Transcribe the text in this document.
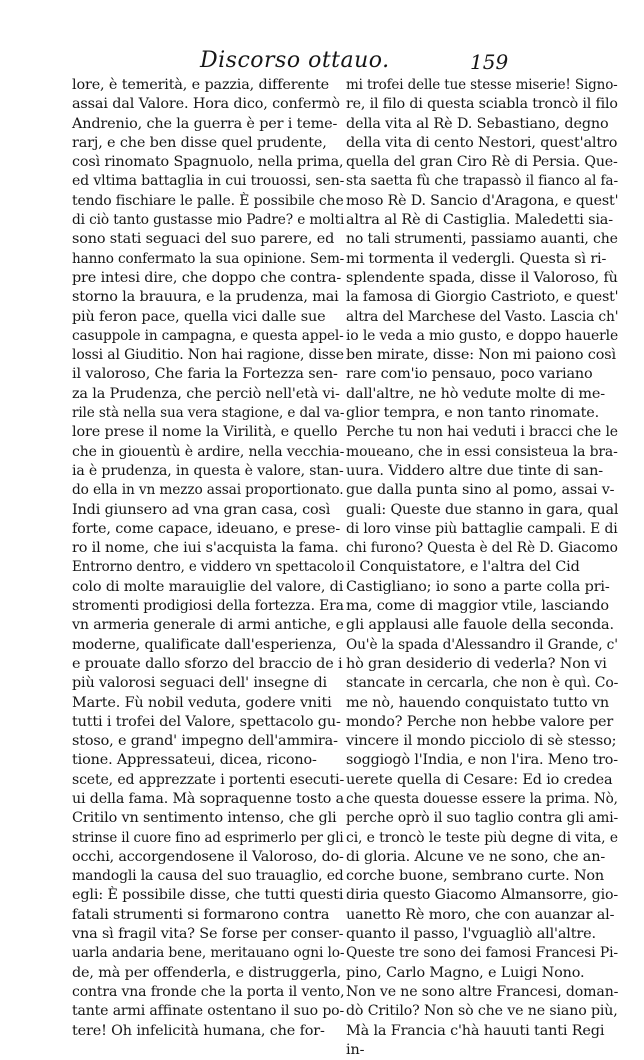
Discorso ottauo.	159
lore, è temerità, e pazzia, differente
assai dal Valore. Hora dico, confermò
Andrenio, che la guerra è per i teme-
rarj, e che ben disse quel prudente,
così rinomato Spagnuolo, nella prima,
ed vltima battaglia in cui trouossi, sen-
tendo fischiare le palle. È possibile che
di ciò tanto gustasse mio Padre? e molti
sono stati seguaci del suo parere, ed
hanno confermato la sua opinione. Sem-
pre intesi dire, che doppo che contra-
storno la brauura, e la prudenza, mai
più feron pace, quella vici dalle sue
casuppole in campagna, e questa appel-
lossi al Giuditio. Non hai ragione, disse
il valoroso, Che faria la Fortezza sen-
za la Prudenza, che perciò nell'età vi-
rile stà nella sua vera stagione, e dal va-
lore prese il nome la Virilità, e quello
che in giouentù è ardire, nella vecchia-
ia è prudenza, in questa è valore, stan-
do ella in vn mezzo assai proportionato.
Indi giunsero ad vna gran casa, così
forte, come capace, ideuano, e prese-
ro il nome, che iui s'acquista la fama.
Entrorno dentro, e viddero vn spettacolo
colo di molte marauiglie del valore, di
stromenti prodigiosi della fortezza. Era
vn armeria generale di armi antiche, e
moderne, qualificate dall'esperienza,
e prouate dallo sforzo del braccio de i
più valorosi seguaci dell' insegne di
Marte. Fù nobil veduta, godere vniti
tutti i trofei del Valore, spettacolo gu-
stoso, e grand' impegno dell'ammira-
tione. Appressateui, dicea, ricono-
scete, ed apprezzate i portenti esecuti-
ui della fama. Mà sopraquenne tosto a
Critilo vn sentimento intenso, che gli
strinse il cuore fino ad esprimerlo per gli
occhi, accorgendosene il Valoroso, do-
mandogli la causa del suo trauaglio, ed
egli: È possibile disse, che tutti questi
fatali strumenti si formarono contra
vna sì fragil vita? Se forse per conser-
uarla andaria bene, meritauano ogni lo-
de, mà per offenderla, e distruggerla,
contra vna fronde che la porta il vento,
tante armi affinate ostentano il suo po-
tere! Oh infelicità humana, che for-
mi trofei delle tue stesse miserie! Signo-
re, il filo di questa sciabla troncò il filo
della vita al Rè D. Sebastiano, degno
della vita di cento Nestori, quest'altro
quella del gran Ciro Rè di Persia. Que-
sta saetta fù che trapassò il fianco al fa-
moso Rè D. Sancio d'Aragona, e quest'
altra al Rè di Castiglia. Maledetti sia-
no tali strumenti, passiamo auanti, che
mi tormenta il vedergli. Questa sì ri-
splendente spada, disse il Valoroso, fù
la famosa di Giorgio Castrioto, e quest'
altra del Marchese del Vasto. Lascia ch'
io le veda a mio gusto, e doppo hauerle
ben mirate, disse: Non mi paiono così
rare com'io pensauo, poco variano
dall'altre, ne hò vedute molte di me-
glior tempra, e non tanto rinomate.
Perche tu non hai veduti i bracci che le
moueano, che in essi consisteua la bra-
uura. Viddero altre due tinte di san-
gue dalla punta sino al pomo, assai v-
guali: Queste due stanno in gara, qual
di loro vinse più battaglie campali. E di
chi furono? Questa è del Rè D. Giacomo
il Conquistatore, e l'altra del Cid
Castigliano; io sono a parte colla pri-
ma, come di maggior vtile, lasciando
gli applausi alle fauole della seconda.
Ou'è la spada d'Alessandro il Grande, c'
hò gran desiderio di vederla? Non vi
stancate in cercarla, che non è quì. Co-
me nò, hauendo conquistato tutto vn
mondo? Perche non hebbe valore per
vincere il mondo picciolo di sè stesso;
soggiogò l'India, e non l'ira. Meno tro-
uerete quella di Cesare: Ed io credea
che questa douesse essere la prima. Nò,
perche oprò il suo taglio contra gli ami-
ci, e troncò le teste più degne di vita, e
di gloria. Alcune ve ne sono, che an-
corche buone, sembrano curte. Non
diria questo Giacomo Almansorre, gio-
uanetto Rè moro, che con auanzar al-
quanto il passo, l'vguagliò all'altre.
Queste tre sono dei famosi Francesi Pi-
pino, Carlo Magno, e Luigi Nono.
Non ve ne sono altre Francesi, doman-
dò Critilo? Non sò che ve ne siano più,
Mà la Francia c'hà hauuti tanti Regi
in-
